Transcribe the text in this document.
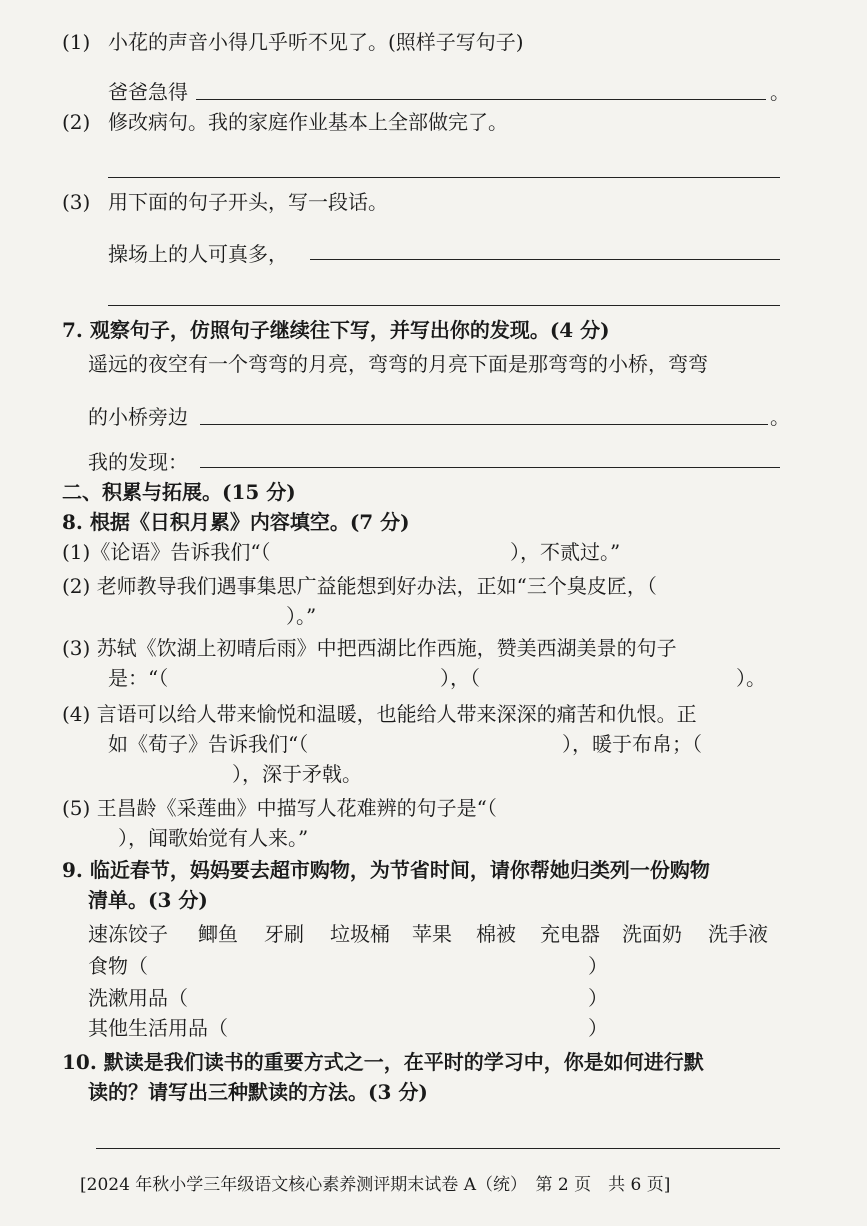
(1) 小花的声音小得几乎听不见了。(照样子写句子)
爸爸急得	。
(2) 修改病句。我的家庭作业基本上全部做完了。
(3) 用下面的句子开头，写一段话。
操场上的人可真多，
7. 观察句子，仿照句子继续往下写，并写出你的发现。(4 分)
遥远的夜空有一个弯弯的月亮，弯弯的月亮下面是那弯弯的小桥，弯弯
的小桥旁边	。
我的发现：
二、积累与拓展。(15 分)
8. 根据《日积月累》内容填空。(7 分)
(1)《论语》告诉我们“（	），不贰过。”
(2) 老师教导我们遇事集思广益能想到好办法，正如“三个臭皮匠，（
）。”
(3) 苏轼《饮湖上初晴后雨》中把西湖比作西施，赞美西湖美景的句子
是：“（	），（	）。
(4) 言语可以给人带来愉悦和温暖，也能给人带来深深的痛苦和仇恨。正
如《荀子》告诉我们“（	），暖于布帛；（
），深于矛戟。
(5) 王昌龄《采莲曲》中描写人花难辨的句子是“（
），闻歌始觉有人来。”
9. 临近春节，妈妈要去超市购物，为节省时间，请你帮她归类列一份购物
清单。(3 分)
速冻饺子 鲫鱼 牙刷 垃圾桶 苹果 棉被 充电器 洗面奶 洗手液
食物（	）
洗漱用品（	）
其他生活用品（	）
10. 默读是我们读书的重要方式之一，在平时的学习中，你是如何进行默
读的？请写出三种默读的方法。(3 分)
[2024 年秋小学三年级语文核心素养测评期末试卷 A（统）　第 2 页　共 6 页]
